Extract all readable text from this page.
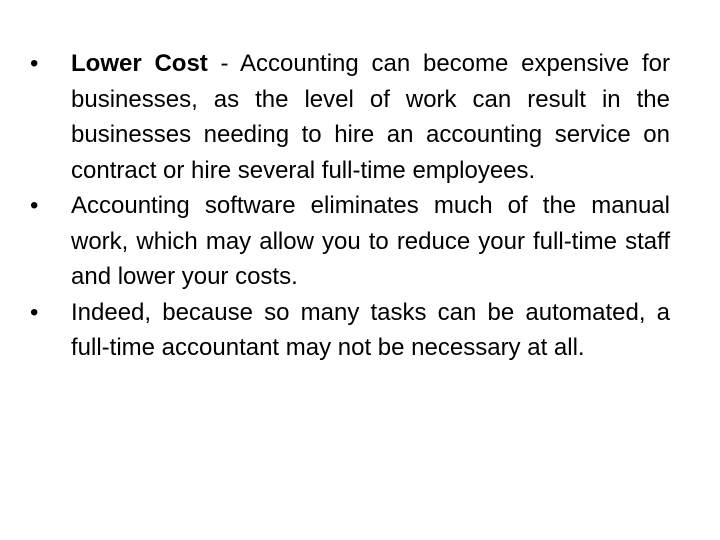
•	Lower Cost - Accounting can become expensive for businesses, as the level of work can result in the businesses needing to hire an accounting service on contract or hire several full-time employees.
•	Accounting software eliminates much of the manual work, which may allow you to reduce your full-time staff and lower your costs.
•	Indeed, because so many tasks can be automated, a full-time accountant may not be necessary at all.
